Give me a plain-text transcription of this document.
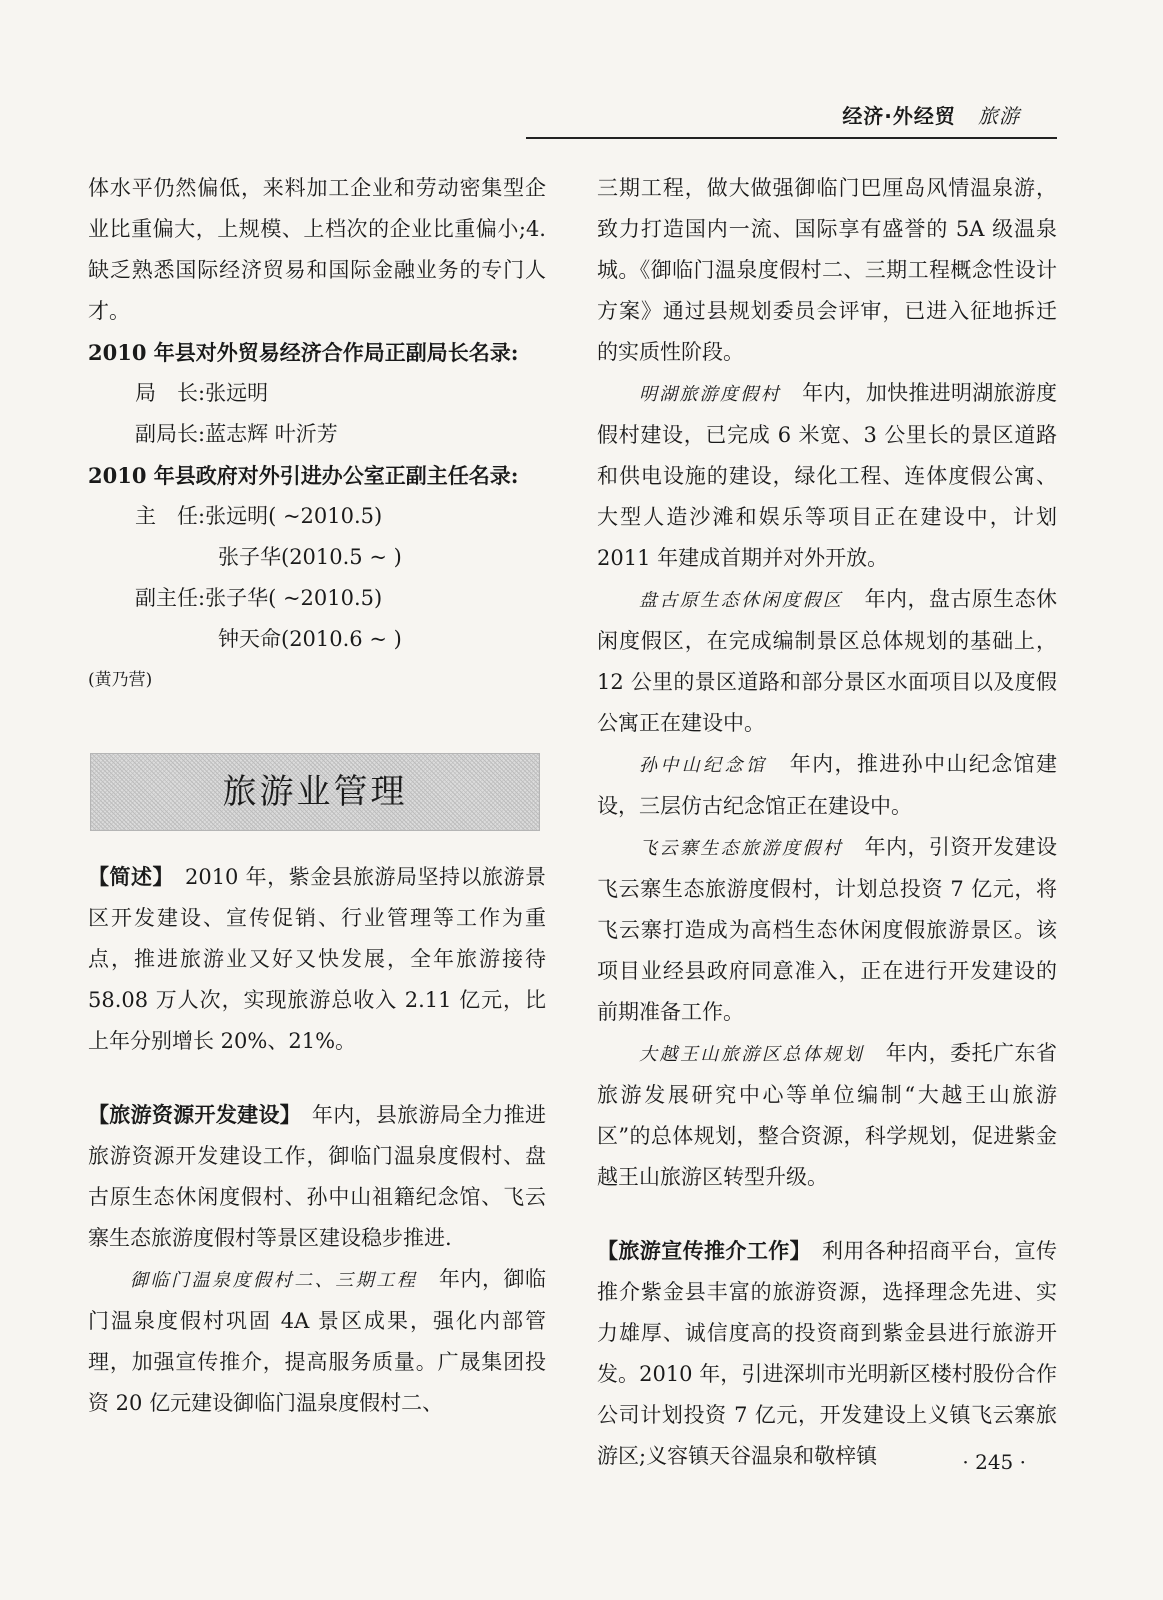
经济·外经贸 旅游

体水平仍然偏低，来料加工企业和劳动密集型企业比重偏大，上规模、上档次的企业比重偏小;4.缺乏熟悉国际经济贸易和国际金融业务的专门人才。

2010 年县对外贸易经济合作局正副局长名录:

局　长:张远明

副局长:蓝志辉 叶沂芳

2010 年县政府对外引进办公室正副主任名录:

主　任:张远明( ~2010.5)

张子华(2010.5 ~ )

副主任:张子华( ~2010.5)

钟天命(2010.6 ~ )

(黄乃营)

旅游业管理

【简述】　2010 年，紫金县旅游局坚持以旅游景区开发建设、宣传促销、行业管理等工作为重点，推进旅游业又好又快发展，全年旅游接待 58.08 万人次，实现旅游总收入 2.11 亿元，比上年分别增长 20%、21%。

【旅游资源开发建设】　年内，县旅游局全力推进旅游资源开发建设工作，御临门温泉度假村、盘古原生态休闲度假村、孙中山祖籍纪念馆、飞云寨生态旅游度假村等景区建设稳步推进.

御临门温泉度假村二、三期工程　年内，御临门温泉度假村巩固 4A 景区成果，强化内部管理，加强宣传推介，提高服务质量。广晟集团投资 20 亿元建设御临门温泉度假村二、

三期工程，做大做强御临门巴厘岛风情温泉游，致力打造国内一流、国际享有盛誉的 5A 级温泉城。《御临门温泉度假村二、三期工程概念性设计方案》通过县规划委员会评审，已进入征地拆迁的实质性阶段。

明湖旅游度假村　年内，加快推进明湖旅游度假村建设，已完成 6 米宽、3 公里长的景区道路和供电设施的建设，绿化工程、连体度假公寓、大型人造沙滩和娱乐等项目正在建设中，计划 2011 年建成首期并对外开放。

盘古原生态休闲度假区　年内，盘古原生态休闲度假区，在完成编制景区总体规划的基础上，12 公里的景区道路和部分景区水面项目以及度假公寓正在建设中。

孙中山纪念馆　年内，推进孙中山纪念馆建设，三层仿古纪念馆正在建设中。

飞云寨生态旅游度假村　年内，引资开发建设飞云寨生态旅游度假村，计划总投资 7 亿元，将飞云寨打造成为高档生态休闲度假旅游景区。该项目业经县政府同意准入，正在进行开发建设的前期准备工作。

大越王山旅游区总体规划　年内，委托广东省旅游发展研究中心等单位编制“大越王山旅游区”的总体规划，整合资源，科学规划，促进紫金越王山旅游区转型升级。

【旅游宣传推介工作】　利用各种招商平台，宣传推介紫金县丰富的旅游资源，选择理念先进、实力雄厚、诚信度高的投资商到紫金县进行旅游开发。2010 年，引进深圳市光明新区楼村股份合作公司计划投资 7 亿元，开发建设上义镇飞云寨旅游区;义容镇天谷温泉和敬梓镇	· 245 ·
